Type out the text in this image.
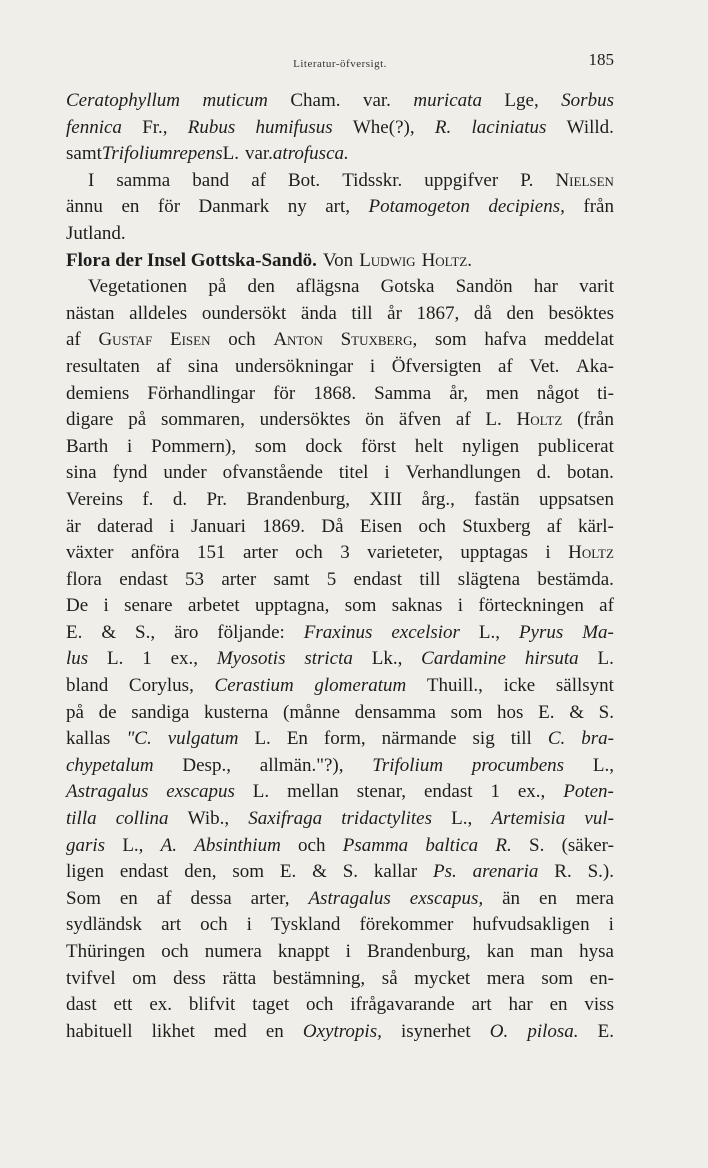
Literatur-öfversigt.	185
Ceratophyllum muticum Cham. var. muricata Lge, Sorbus
fennica Fr., Rubus humifusus Whe(?), R. laciniatus Willd.
samt Trifolium repens L. var. atrofusca.
I samma band af Bot. Tidsskr. uppgifver P. Nielsen
ännu en för Danmark ny art, Potamogeton decipiens, från
Jutland.
Flora der Insel Gottska-Sandö. Von Ludwig Holtz.
Vegetationen på den aflägsna Gotska Sandön har varit
nästan alldeles oundersökt ända till år 1867, då den besöktes
af Gustaf Eisen och Anton Stuxberg, som hafva meddelat
resultaten af sina undersökningar i Öfversigten af Vet. Aka-
demiens Förhandlingar för 1868. Samma år, men något ti-
digare på sommaren, undersöktes ön äfven af L. Holtz (från
Barth i Pommern), som dock först helt nyligen publicerat
sina fynd under ofvanstående titel i Verhandlungen d. botan.
Vereins f. d. Pr. Brandenburg, XIII årg., fastän uppsatsen
är daterad i Januari 1869. Då Eisen och Stuxberg af kärl-
växter anföra 151 arter och 3 varieteter, upptagas i Holtz
flora endast 53 arter samt 5 endast till slägtena bestämda.
De i senare arbetet upptagna, som saknas i förteckningen af
E. & S., äro följande: Fraxinus excelsior L., Pyrus Ma-
lus L. 1 ex., Myosotis stricta Lk., Cardamine hirsuta L.
bland Corylus, Cerastium glomeratum Thuill., icke sällsynt
på de sandiga kusterna (månne densamma som hos E. & S.
kallas "C. vulgatum L. En form, närmande sig till C. bra-
chypetalum Desp., allmän."?), Trifolium procumbens L.,
Astragalus exscapus L. mellan stenar, endast 1 ex., Poten-
tilla collina Wib., Saxifraga tridactylites L., Artemisia vul-
garis L., A. Absinthium och Psamma baltica R. S. (säker-
ligen endast den, som E. & S. kallar Ps. arenaria R. S.).
Som en af dessa arter, Astragalus exscapus, än en mera
sydländsk art och i Tyskland förekommer hufvudsakligen i
Thüringen och numera knappt i Brandenburg, kan man hysa
tvifvel om dess rätta bestämning, så mycket mera som en-
dast ett ex. blifvit taget och ifrågavarande art har en viss
habituell likhet med en Oxytropis, isynerhet O. pilosa. E.
